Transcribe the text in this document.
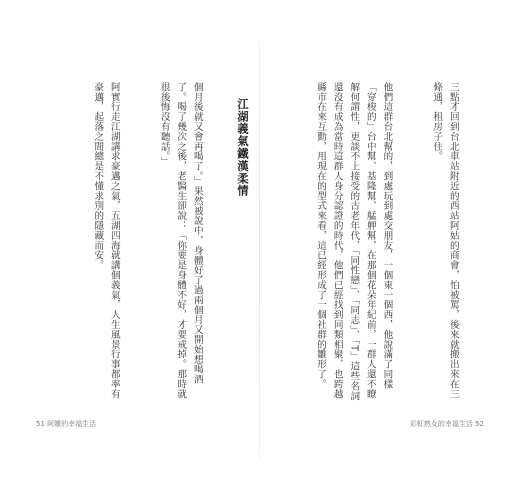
個月後就又會再喝了。」果然被說中，身體好了過兩個月又開始想喝酒了。喝了幾次之後，老醫生卻說：「你要是身體不好，才要戒掉。那時就很後悔沒有聽話。」

阿實行走江湖講求豪邁之氣，五湖四海就講個義氣，人生風景行事都率有豪邁，起落之間總是不懂求別的隱藏而安。

	江湖義氣鐵漢柔情
51 阿嬤的幸福生活

三點才回到台北車站附近的西站阿姑的商會，怕被罵，後來就搬出來在三條通，租房子住。

他們這群台北幫的，到處玩到處交朋友，一個東一個西，他說滿了同樣「穿梭的」台中幫、基隆幫、艋舺幫，在那個花朵年紀前，一群人還不瞭解何謂性，更談不上接受的古老年代，「同性戀」、「同志」、「T」這些名詞還沒有成為當時這群人身分認證的時代，他們已經找到同類相聚，也跨越縣市在來互動，用現在的型式來看，這已經形成了一個社群的雛形了。

彩虹熟女的幸福生活 52
